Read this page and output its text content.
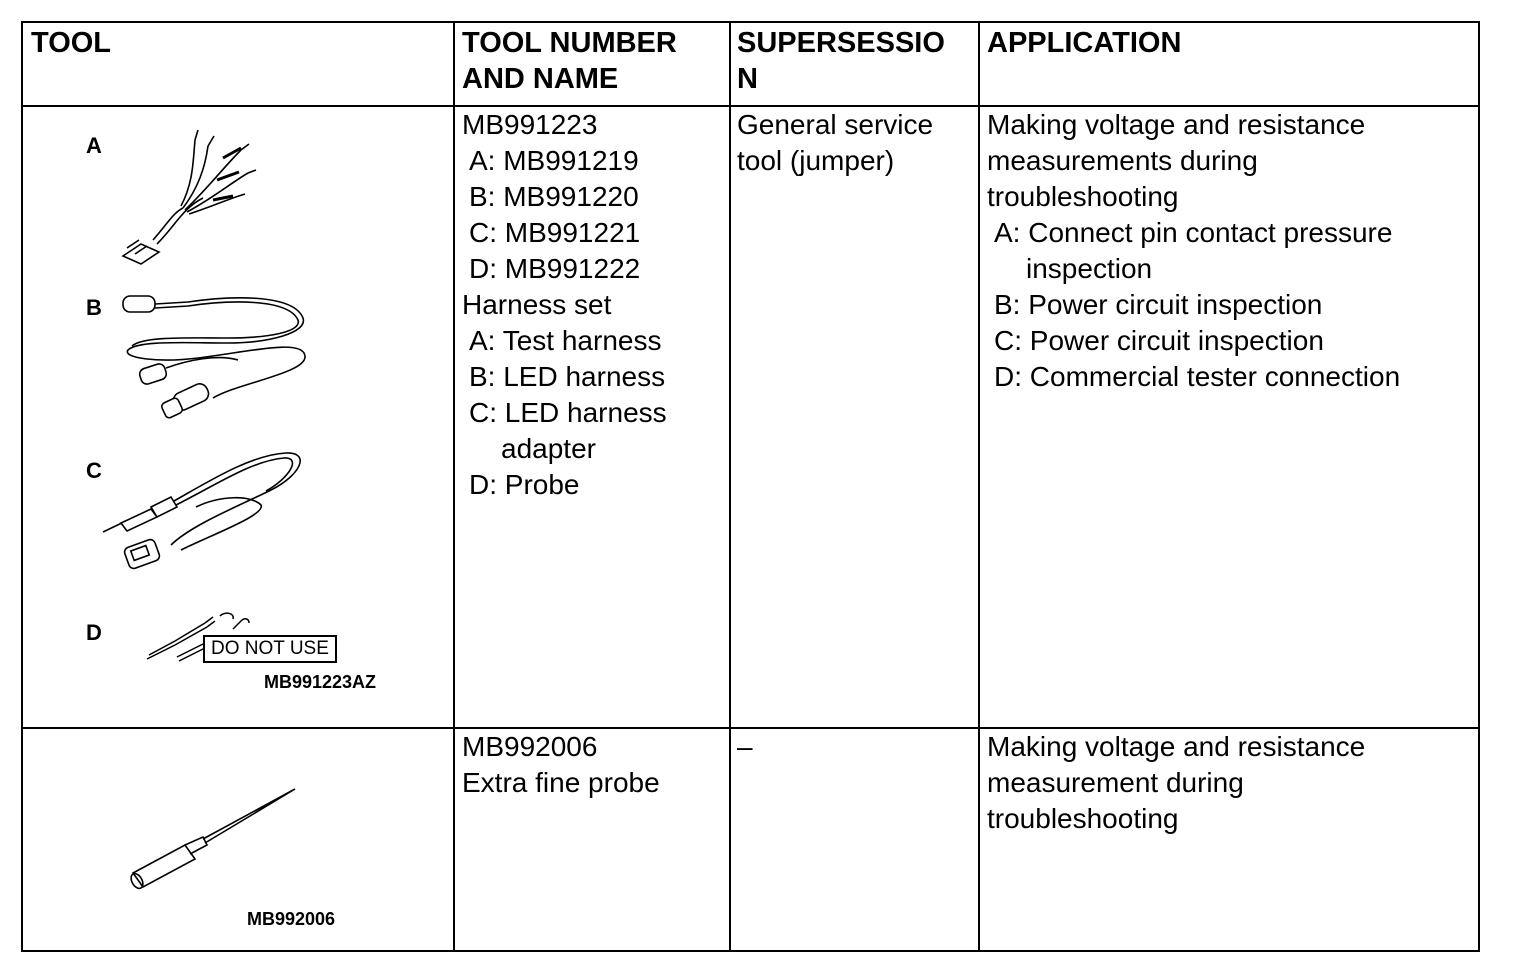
TOOL	TOOL NUMBER
AND NAME
SUPERSESSIO
N
APPLICATION
A
B
C
D
DO NOT USE
MB991223AZ
MB991223
A: MB991219
B: MB991220
C: MB991221
D: MB991222
Harness set
A: Test harness
B: LED harness
C: LED harness
adapter
D: Probe
General service
tool (jumper)
Making voltage and resistance
measurements during
troubleshooting
A: Connect pin contact pressure
inspection
B: Power circuit inspection
C: Power circuit inspection
D: Commercial tester connection
MB992006
MB992006
Extra fine probe
–	Making voltage and resistance
measurement during
troubleshooting
